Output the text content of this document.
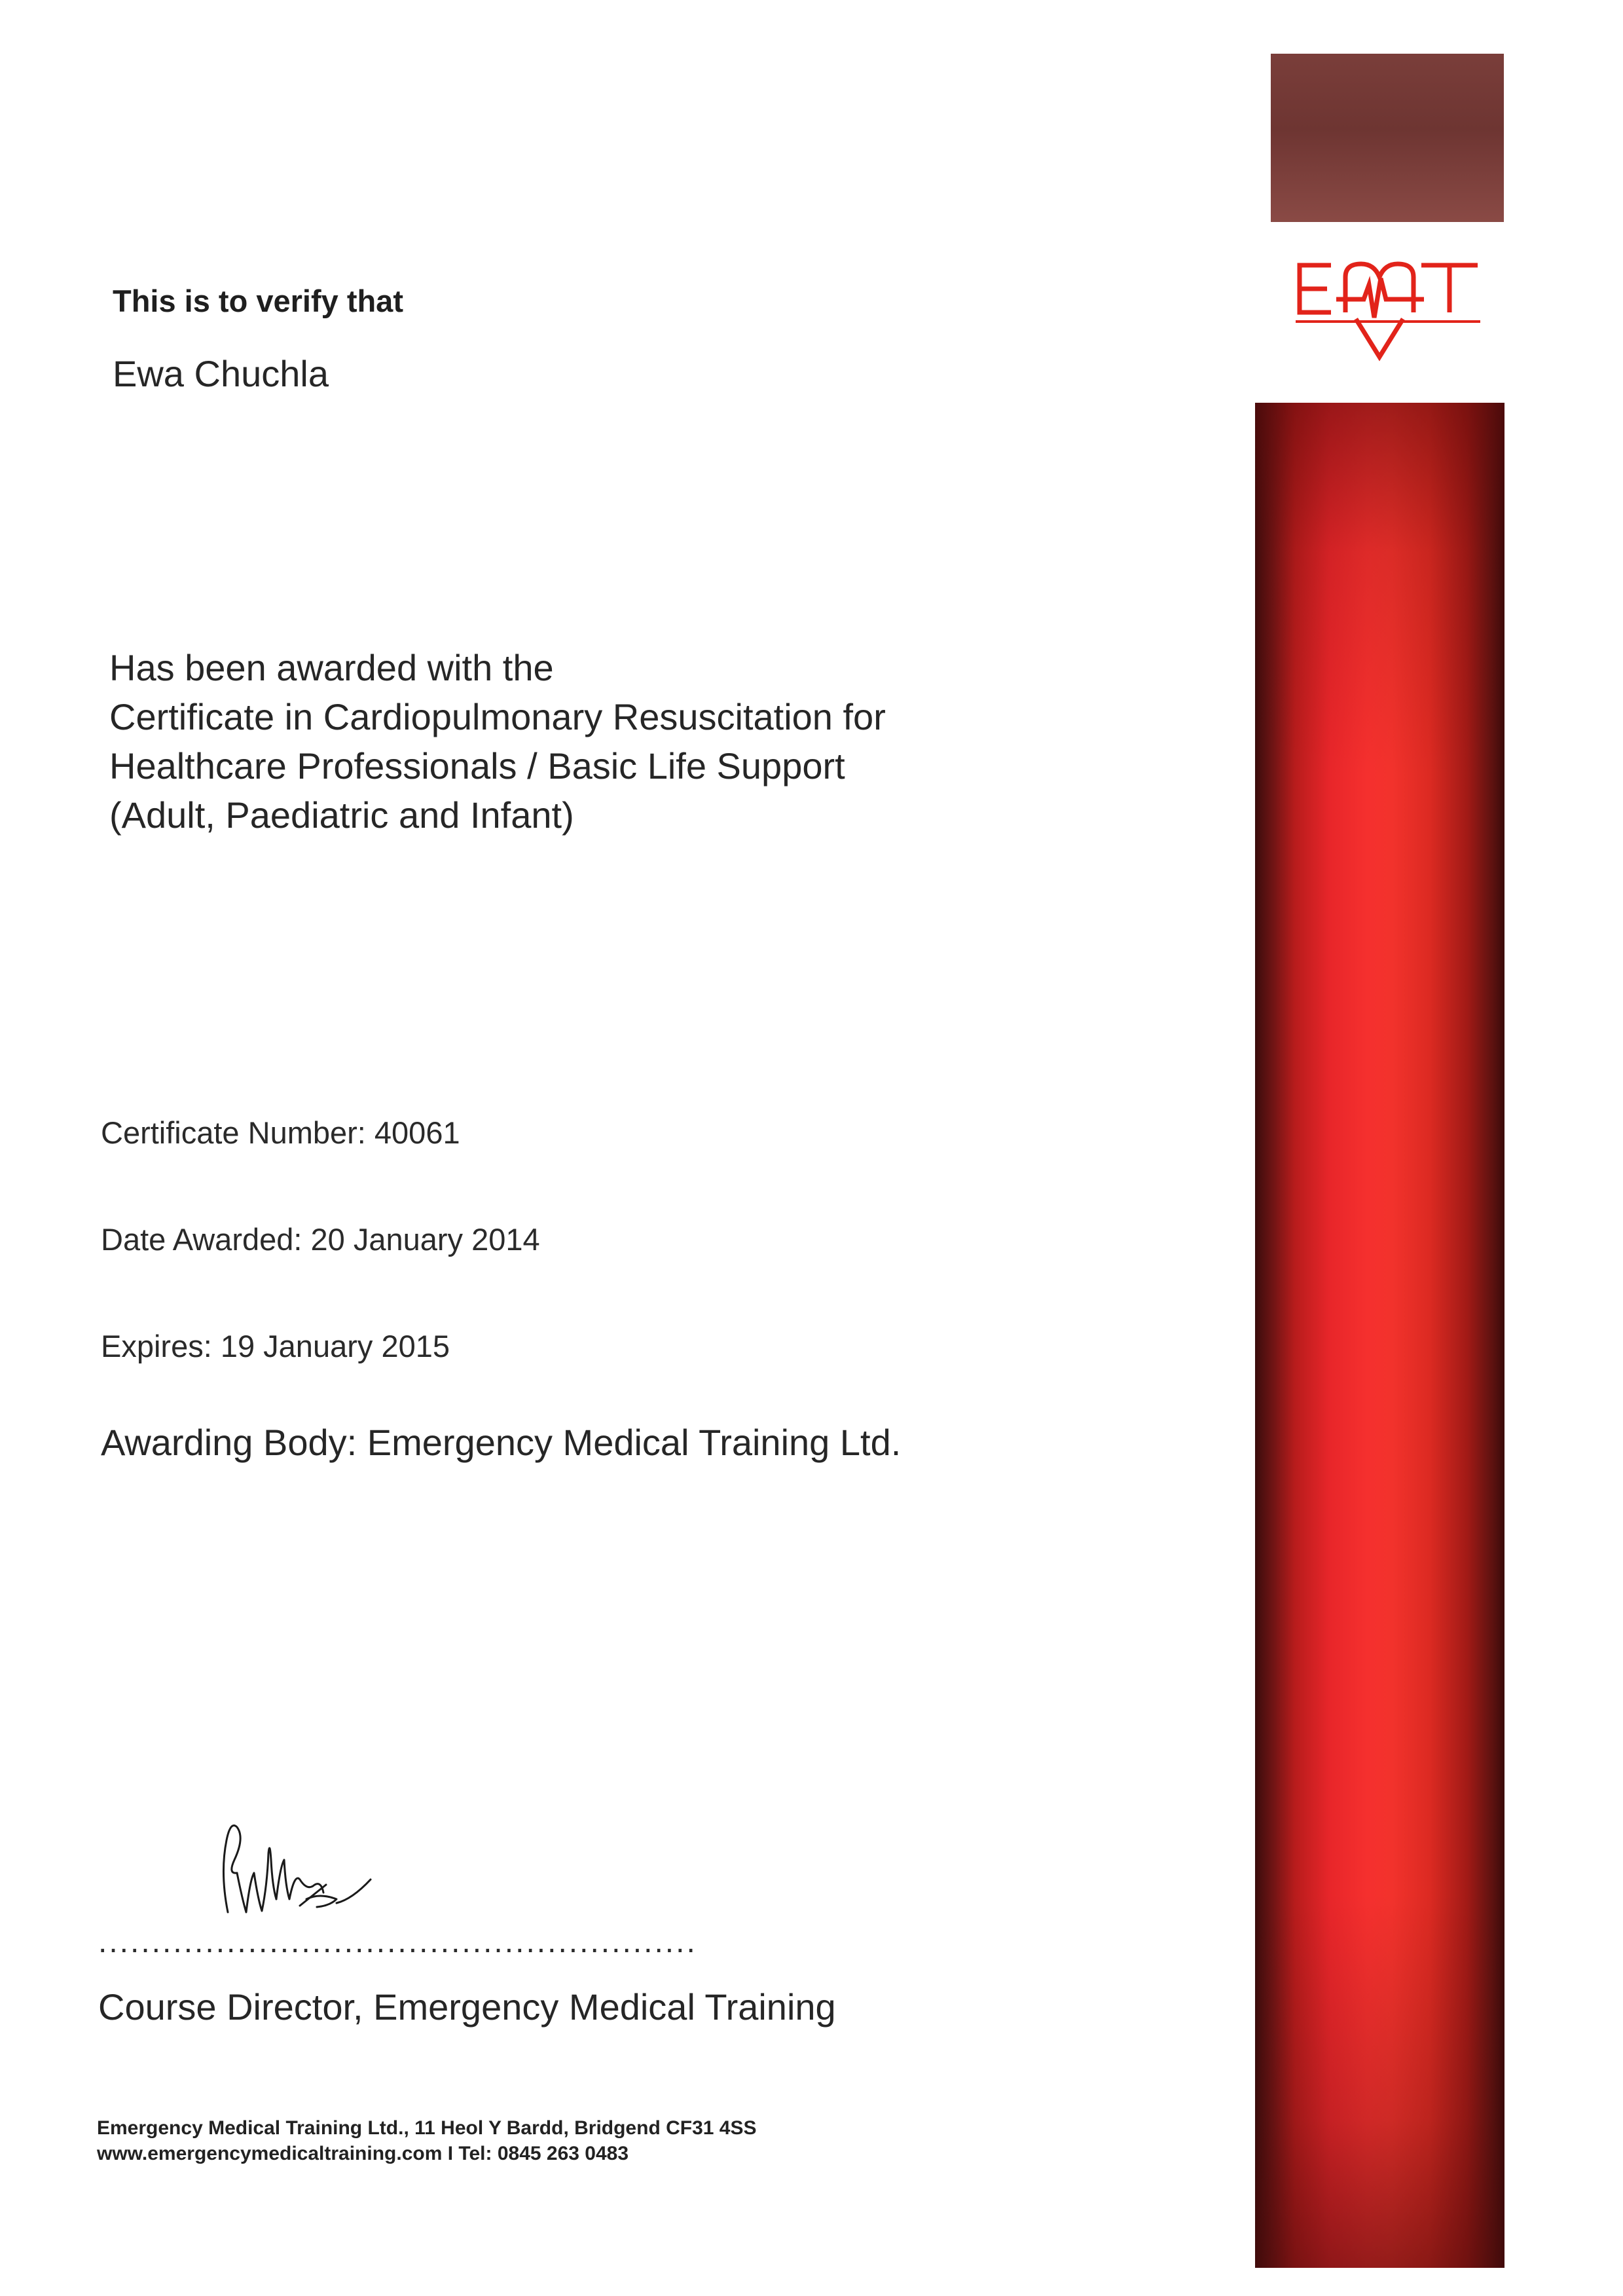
This is to verify that
Ewa Chuchla
Has been awarded with the
Certificate in Cardiopulmonary Resuscitation for
Healthcare Professionals / Basic Life Support
(Adult, Paediatric and Infant)
Certificate Number: 40061
Date Awarded: 20 January 2014
Expires: 19 January 2015
Awarding Body: Emergency Medical Training Ltd.
........................................................
Course Director, Emergency Medical Training
Emergency Medical Training Ltd., 11 Heol Y Bardd, Bridgend CF31 4SS
www.emergencymedicaltraining.com I Tel: 0845 263 0483
